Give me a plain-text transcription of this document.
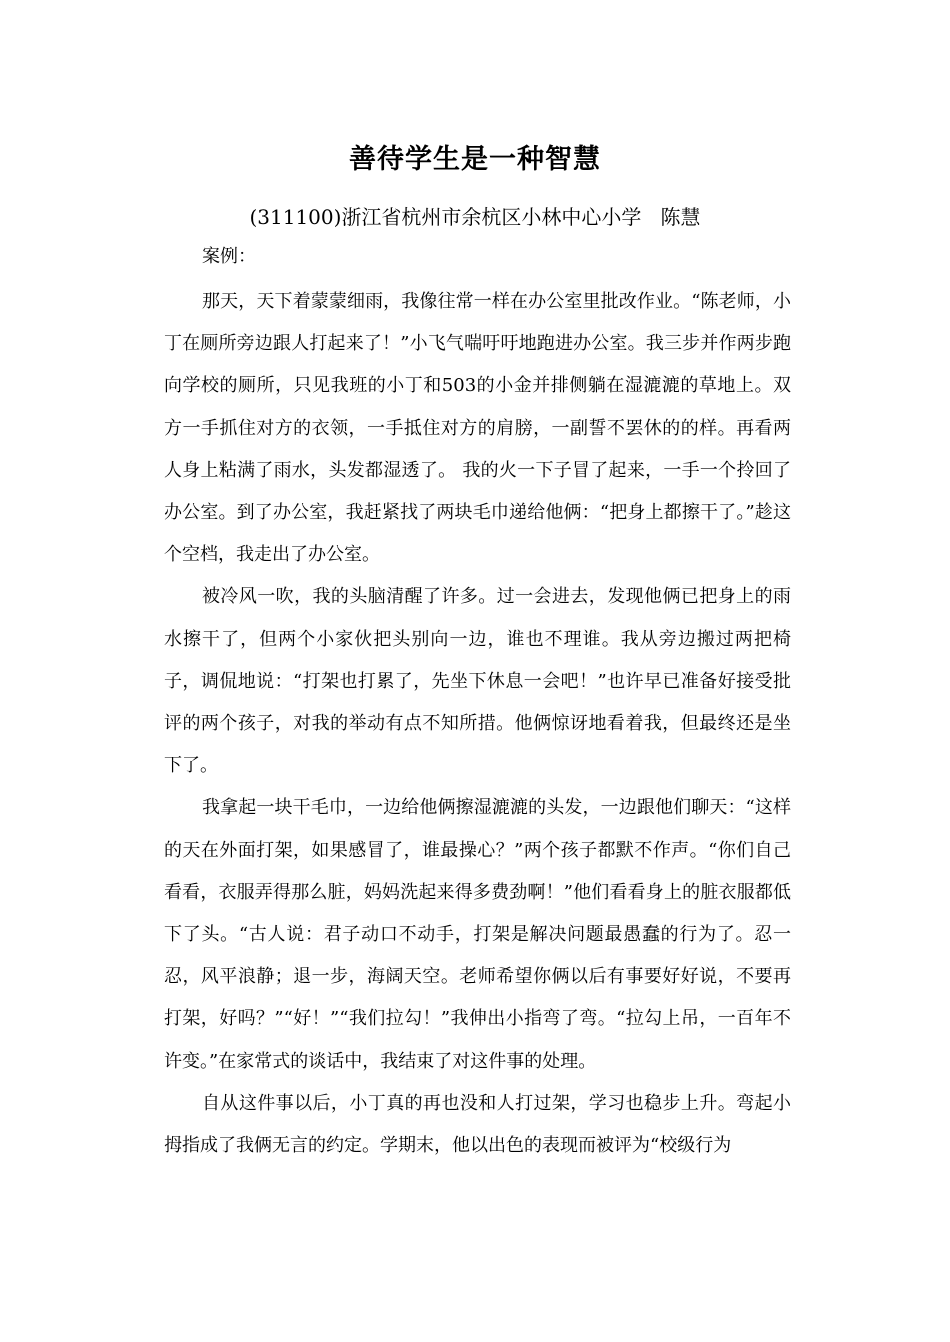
善待学生是一种智慧
(311100)浙江省杭州市余杭区小林中心小学   陈慧
案例：

那天，天下着蒙蒙细雨，我像往常一样在办公室里批改作业。“陈老师，小丁在厕所旁边跟人打起来了！”小飞气喘吁吁地跑进办公室。我三步并作两步跑向学校的厕所，只见我班的小丁和503的小金并排侧躺在湿漉漉的草地上。双方一手抓住对方的衣领，一手抵住对方的肩膀，一副誓不罢休的的样。再看两人身上粘满了雨水，头发都湿透了。 我的火一下子冒了起来，一手一个拎回了办公室。到了办公室，我赶紧找了两块毛巾递给他俩：“把身上都擦干了。”趁这个空档，我走出了办公室。

被冷风一吹，我的头脑清醒了许多。过一会进去，发现他俩已把身上的雨水擦干了，但两个小家伙把头别向一边，谁也不理谁。我从旁边搬过两把椅子，调侃地说：“打架也打累了，先坐下休息一会吧！”也许早已准备好接受批评的两个孩子，对我的举动有点不知所措。他俩惊讶地看着我，但最终还是坐下了。

我拿起一块干毛巾，一边给他俩擦湿漉漉的头发，一边跟他们聊天：“这样的天在外面打架，如果感冒了，谁最操心？”两个孩子都默不作声。“你们自己看看，衣服弄得那么脏，妈妈洗起来得多费劲啊！”他们看看身上的脏衣服都低下了头。“古人说：君子动口不动手，打架是解决问题最愚蠢的行为了。忍一忍，风平浪静；退一步，海阔天空。老师希望你俩以后有事要好好说，不要再打架，好吗？”“好！”“我们拉勾！”我伸出小指弯了弯。“拉勾上吊，一百年不许变。”在家常式的谈话中，我结束了对这件事的处理。

自从这件事以后，小丁真的再也没和人打过架，学习也稳步上升。弯起小拇指成了我俩无言的约定。学期末，他以出色的表现而被评为“校级行为
